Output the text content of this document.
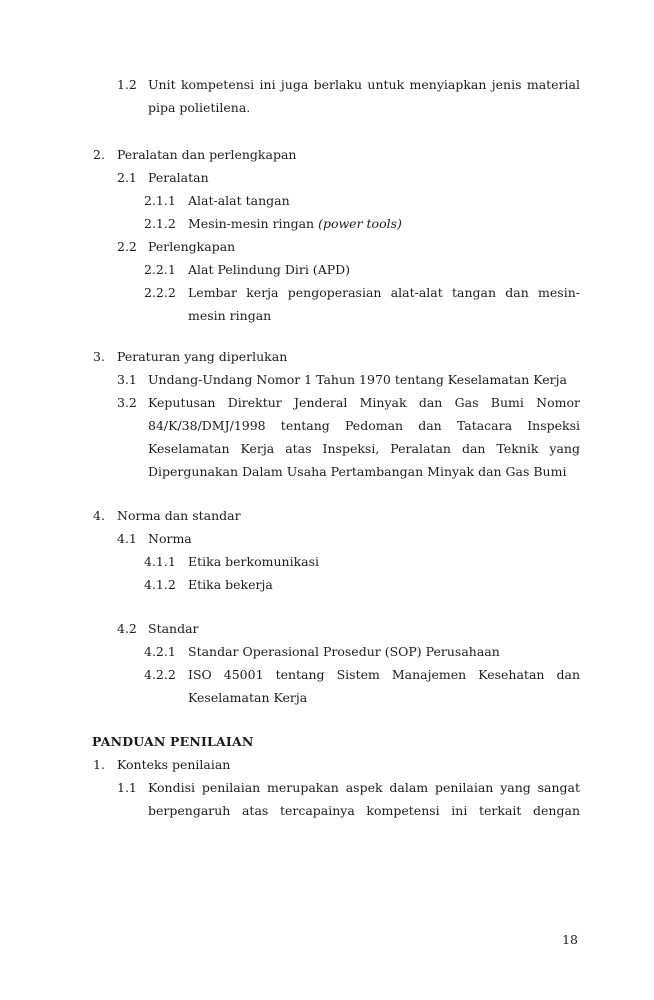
1.2 Unit kompetensi ini juga berlaku untuk menyiapkan jenis material
pipa polietilena.
2. Peralatan dan perlengkapan
2.1 Peralatan
2.1.1 Alat-alat tangan
2.1.2 Mesin-mesin ringan (power tools)
2.2 Perlengkapan
2.2.1 Alat Pelindung Diri (APD)
2.2.2 Lembar kerja pengoperasian alat-alat tangan dan mesin-
mesin ringan
3. Peraturan yang diperlukan
3.1 Undang-Undang Nomor 1 Tahun 1970 tentang Keselamatan Kerja
3.2 Keputusan Direktur Jenderal Minyak dan Gas Bumi Nomor
84/K/38/DMJ/1998 tentang Pedoman dan Tatacara Inspeksi
Keselamatan Kerja atas Inspeksi, Peralatan dan Teknik yang
Dipergunakan Dalam Usaha Pertambangan Minyak dan Gas Bumi
4. Norma dan standar
4.1 Norma
4.1.1 Etika berkomunikasi
4.1.2 Etika bekerja
4.2 Standar
4.2.1 Standar Operasional Prosedur (SOP) Perusahaan
4.2.2 ISO 45001 tentang Sistem Manajemen Kesehatan dan
Keselamatan Kerja
PANDUAN PENILAIAN
1. Konteks penilaian
1.1 Kondisi penilaian merupakan aspek dalam penilaian yang sangat
berpengaruh atas tercapainya kompetensi ini terkait dengan
18
